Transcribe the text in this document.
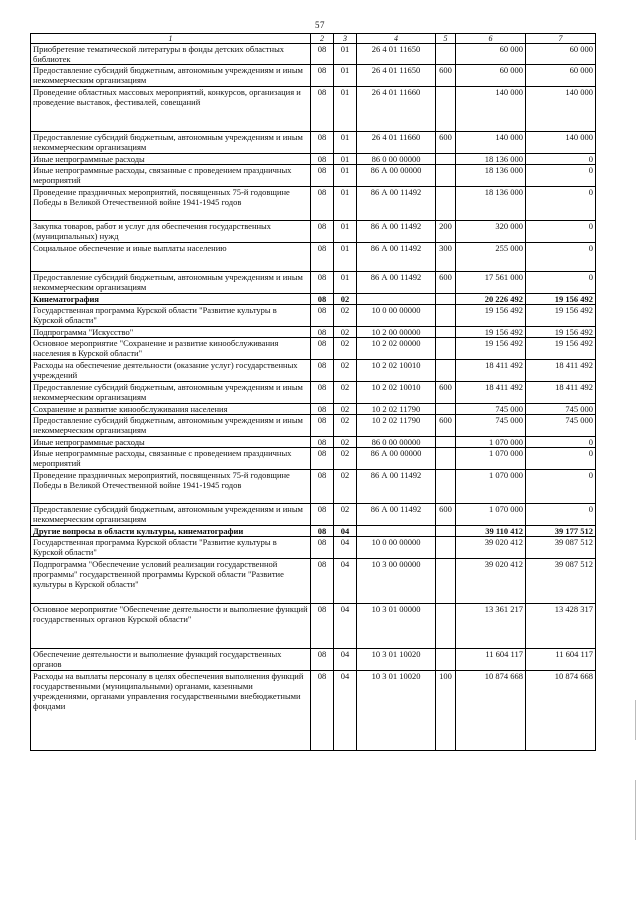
57
1	2	3	4	5	6	7
Приобретение тематической литературы в фонды детских областных библиотек	08	01	26 4 01 11650		60 000	60 000
Предоставление субсидий бюджетным, автономным учреждениям и иным некоммерческим организациям	08	01	26 4 01 11650	600	60 000	60 000
Проведение областных массовых мероприятий, конкурсов, организация и проведение выставок, фестивалей, совещаний	08	01	26 4 01 11660		140 000	140 000
Предоставление субсидий бюджетным, автономным учреждениям и иным некоммерческим организациям	08	01	26 4 01 11660	600	140 000	140 000
Иные непрограммные расходы	08	01	86 0 00 00000		18 136 000	0
Иные непрограммные расходы, связанные с проведением праздничных мероприятий	08	01	86 А 00 00000		18 136 000	0
Проведение праздничных мероприятий, посвященных 75-й годовщине Победы в Великой Отечественной войне 1941-1945 годов	08	01	86 А 00 11492		18 136 000	0
Закупка товаров, работ и услуг для обеспечения государственных (муниципальных) нужд	08	01	86 А 00 11492	200	320 000	0
Социальное обеспечение и иные выплаты населению	08	01	86 А 00 11492	300	255 000	0
Предоставление субсидий бюджетным, автономным учреждениям и иным некоммерческим организациям	08	01	86 А 00 11492	600	17 561 000	0
Кинематография	08	02			20 226 492	19 156 492
Государственная программа Курской области "Развитие культуры в Курской области"	08	02	10 0 00 00000		19 156 492	19 156 492
Подпрограмма "Искусство"	08	02	10 2 00 00000		19 156 492	19 156 492
Основное мероприятие "Сохранение и развитие кинообслуживания населения в Курской области"	08	02	10 2 02 00000		19 156 492	19 156 492
Расходы на обеспечение деятельности (оказание услуг) государственных учреждений	08	02	10 2 02 10010		18 411 492	18 411 492
Предоставление субсидий бюджетным, автономным учреждениям и иным некоммерческим организациям	08	02	10 2 02 10010	600	18 411 492	18 411 492
Сохранение и развитие кинообслуживания населения	08	02	10 2 02 11790		745 000	745 000
Предоставление субсидий бюджетным, автономным учреждениям и иным некоммерческим организациям	08	02	10 2 02 11790	600	745 000	745 000
Иные непрограммные расходы	08	02	86 0 00 00000		1 070 000	0
Иные непрограммные расходы, связанные с проведением праздничных мероприятий	08	02	86 А 00 00000		1 070 000	0
Проведение праздничных мероприятий, посвященных 75-й годовщине Победы в Великой Отечественной войне 1941-1945 годов	08	02	86 А 00 11492		1 070 000	0
Предоставление субсидий бюджетным, автономным учреждениям и иным некоммерческим организациям	08	02	86 А 00 11492	600	1 070 000	0
Другие вопросы в области культуры, кинематографии	08	04			39 110 412	39 177 512
Государственная программа Курской области "Развитие культуры в Курской области"	08	04	10 0 00 00000		39 020 412	39 087 512
Подпрограмма "Обеспечение условий реализации государственной программы" государственной программы Курской области "Развитие культуры в Курской области"	08	04	10 3 00 00000		39 020 412	39 087 512
Основное мероприятие "Обеспечение деятельности и выполнение функций государственных органов Курской области"	08	04	10 3 01 00000		13 361 217	13 428 317
Обеспечение деятельности и выполнение функций государственных органов	08	04	10 3 01 10020		11 604 117	11 604 117
Расходы на выплаты персоналу в целях обеспечения выполнения функций государственными (муниципальными) органами, казенными учреждениями, органами управления государственными внебюджетными фондами	08	04	10 3 01 10020	100	10 874 668	10 874 668
